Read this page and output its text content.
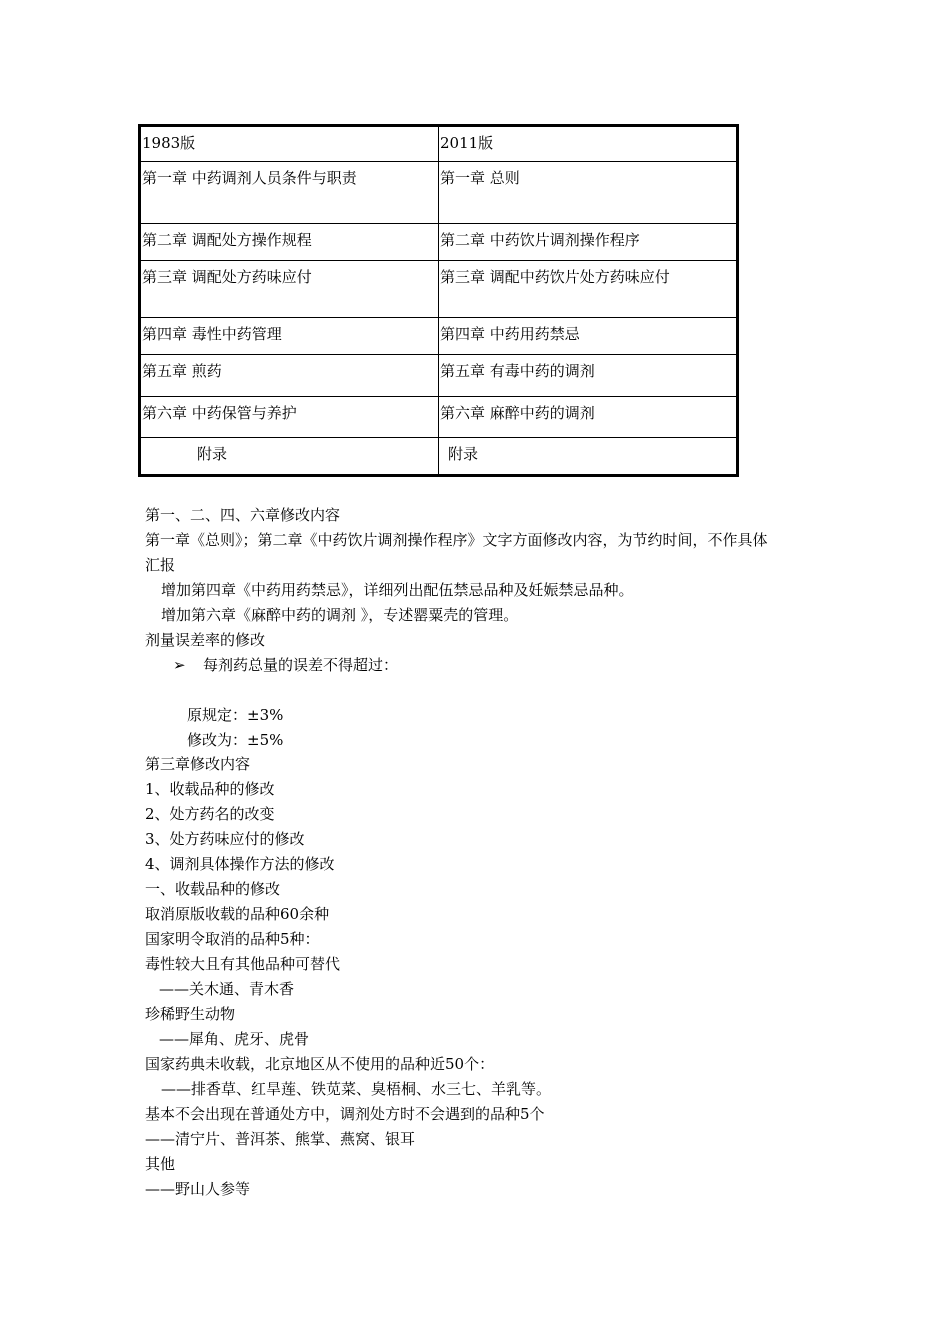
1983版	2011版
第一章 中药调剂人员条件与职责	第一章 总则
第二章 调配处方操作规程	第二章 中药饮片调剂操作程序
第三章 调配处方药味应付	第三章 调配中药饮片处方药味应付
第四章 毒性中药管理	第四章 中药用药禁忌
第五章 煎药	第五章 有毒中药的调剂
第六章 中药保管与养护	第六章 麻醉中药的调剂
附录	附录
第一、二、四、六章修改内容
第一章《总则》；第二章《中药饮片调剂操作程序》文字方面修改内容，为节约时间，不作具体
汇报
增加第四章《中药用药禁忌》，详细列出配伍禁忌品种及妊娠禁忌品种。
增加第六章《麻醉中药的调剂 》，专述罂粟壳的管理。
剂量误差率的修改
➢ 每剂药总量的误差不得超过：
原规定：±3%
修改为：±5%
第三章修改内容
1、收载品种的修改
2、处方药名的改变
3、处方药味应付的修改
4、调剂具体操作方法的修改
一、收载品种的修改
取消原版收载的品种60余种
国家明令取消的品种5种：
毒性较大且有其他品种可替代
——关木通、青木香
珍稀野生动物
——犀角、虎牙、虎骨
国家药典未收载，北京地区从不使用的品种近50个：
——排香草、红旱莲、铁苋菜、臭梧桐、水三七、羊乳等。
基本不会出现在普通处方中，调剂处方时不会遇到的品种5个
——清宁片、普洱茶、熊掌、燕窝、银耳
其他
——野山人参等
